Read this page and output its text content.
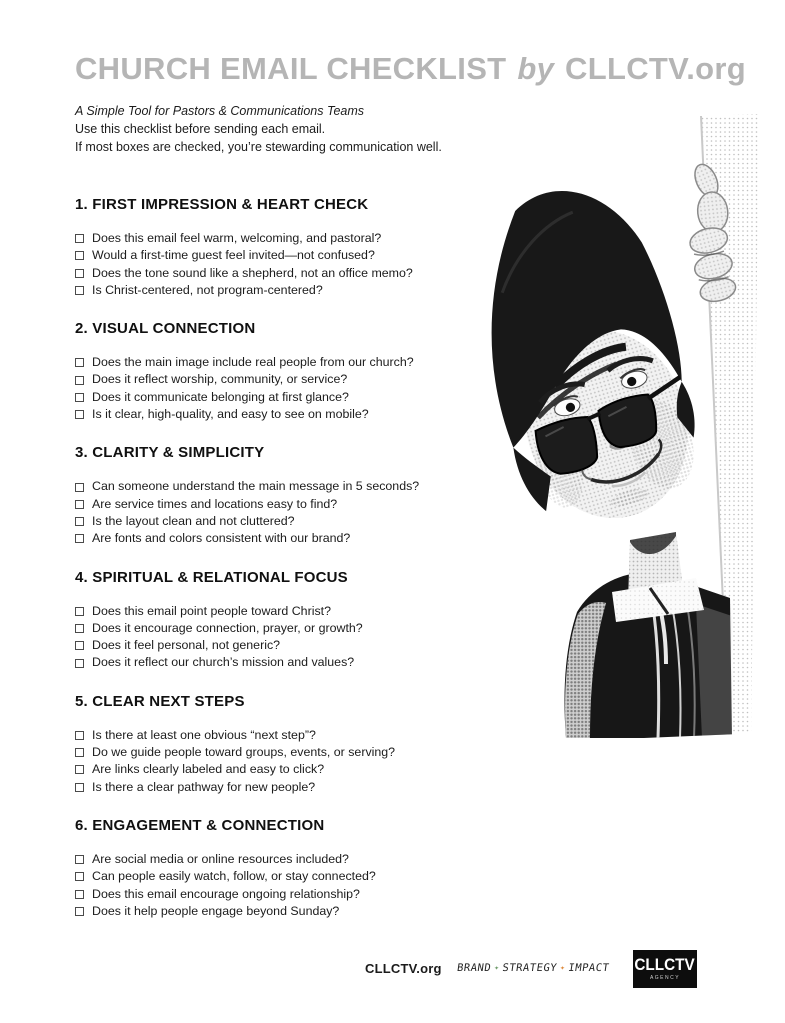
CHURCH EMAIL CHECKLIST by CLLCTV.org
A Simple Tool for Pastors & Communications Teams
Use this checklist before sending each email.
If most boxes are checked, you’re stewarding communication well.
1. FIRST IMPRESSION & HEART CHECK
Does this email feel warm, welcoming, and pastoral?
Would a first-time guest feel invited—not confused?
Does the tone sound like a shepherd, not an office memo?
Is Christ-centered, not program-centered?
2. VISUAL CONNECTION
Does the main image include real people from our church?
Does it reflect worship, community, or service?
Does it communicate belonging at first glance?
Is it clear, high-quality, and easy to see on mobile?
3. CLARITY & SIMPLICITY
Can someone understand the main message in 5 seconds?
Are service times and locations easy to find?
Is the layout clean and not cluttered?
Are fonts and colors consistent with our brand?
4. SPIRITUAL & RELATIONAL FOCUS
Does this email point people toward Christ?
Does it encourage connection, prayer, or growth?
Does it feel personal, not generic?
Does it reflect our church’s mission and values?
5. CLEAR NEXT STEPS
Is there at least one obvious “next step”?
Do we guide people toward groups, events, or serving?
Are links clearly labeled and easy to click?
Is there a clear pathway for new people?
6. ENGAGEMENT & CONNECTION
Are social media or online resources included?
Can people easily watch, follow, or stay connected?
Does this email encourage ongoing relationship?
Does it help people engage beyond Sunday?
CLLCTV.org BRAND ✦STRATEGY ✦IMPACT CLLCTV
AGENCY
